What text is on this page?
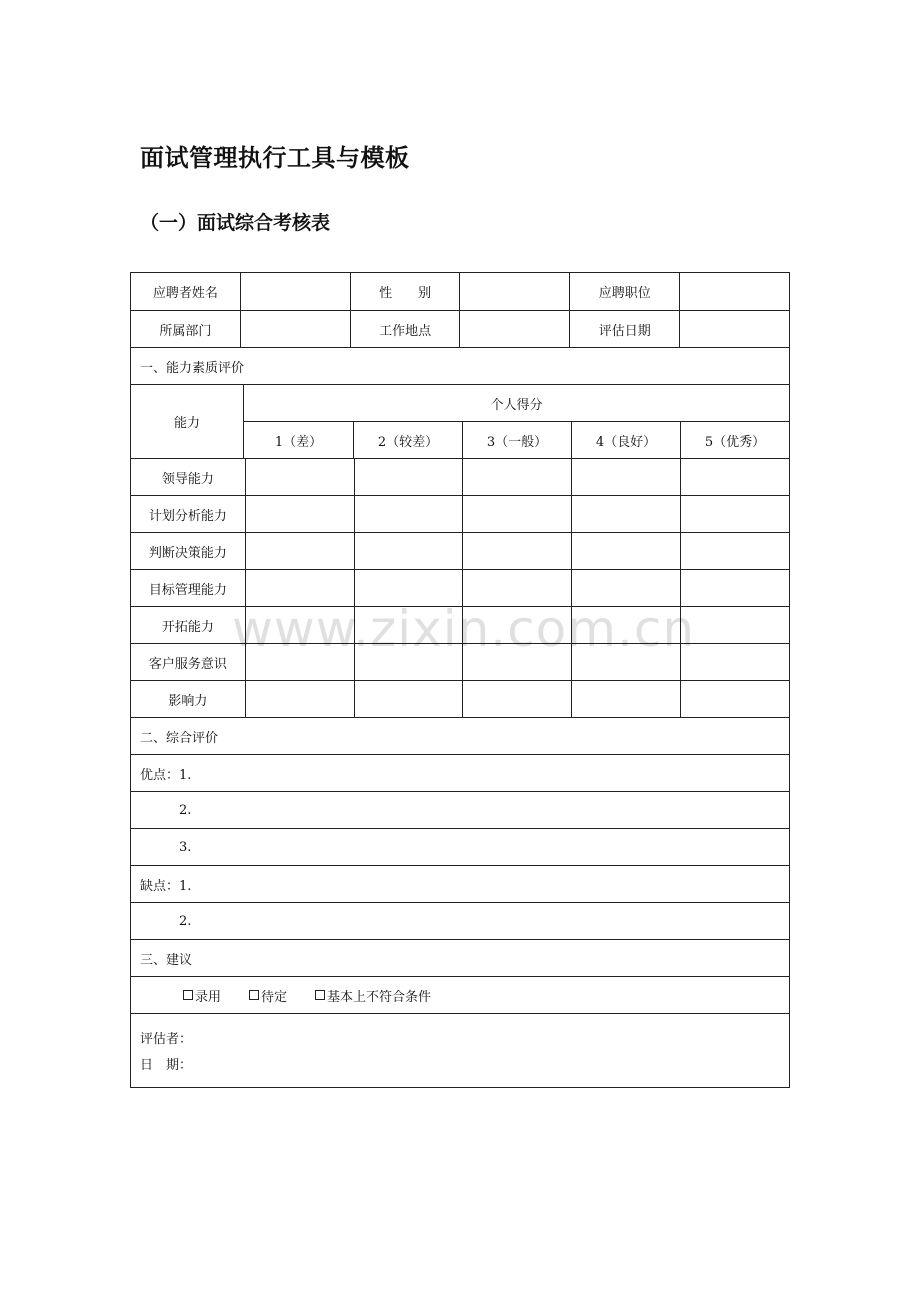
面试管理执行工具与模板
（一）面试综合考核表
应聘者姓名	性　　别	应聘职位
所属部门	工作地点	评估日期
一、能力素质评价
能力
个人得分
1（差）	2（较差）	3（一般）	4（良好）	5（优秀）
领导能力
计划分析能力
判断决策能力
目标管理能力
开拓能力
客户服务意识
影响力
二、综合评价
优点：1.
2.
3.
缺点：1.
2.
三、建议
录用	待定	基本上不符合条件
评估者：
日　期：
www.zixin.com.cn
